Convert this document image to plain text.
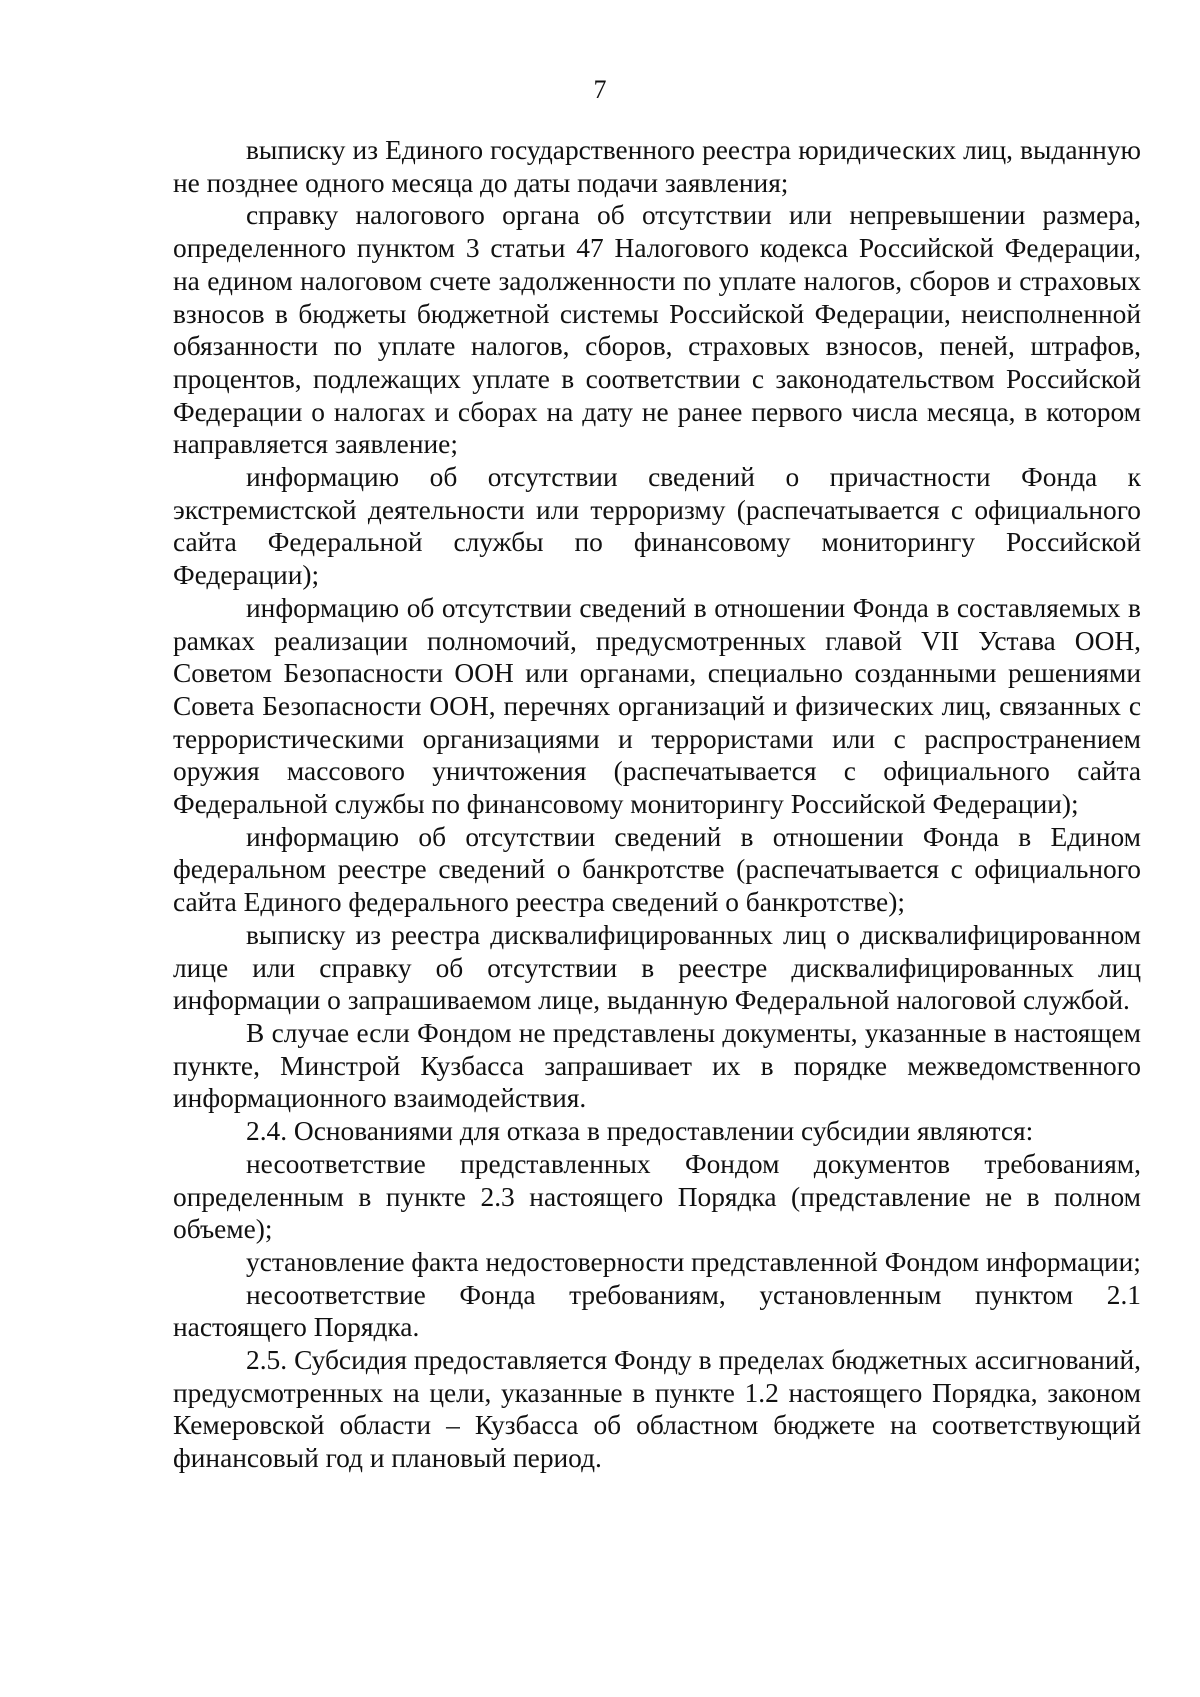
7

выписку из Единого государственного реестра юридических лиц, выданную не позднее одного месяца до даты подачи заявления;

справку налогового органа об отсутствии или непревышении размера, определенного пунктом 3 статьи 47 Налогового кодекса Российской Федерации, на едином налоговом счете задолженности по уплате налогов, сборов и страховых взносов в бюджеты бюджетной системы Российской Федерации, неисполненной обязанности по уплате налогов, сборов, страховых взносов, пеней, штрафов, процентов, подлежащих уплате в соответствии с законодательством Российской Федерации о налогах и сборах на дату не ранее первого числа месяца, в котором направляется заявление;

информацию об отсутствии сведений о причастности Фонда к экстремистской деятельности или терроризму (распечатывается с официального сайта Федеральной службы по финансовому мониторингу Российской Федерации);

информацию об отсутствии сведений в отношении Фонда в составляемых в рамках реализации полномочий, предусмотренных главой VII Устава ООН, Советом Безопасности ООН или органами, специально созданными решениями Совета Безопасности ООН, перечнях организаций и физических лиц, связанных с террористическими организациями и террористами или с распространением оружия массового уничтожения (распечатывается с официального сайта Федеральной службы по финансовому мониторингу Российской Федерации);

информацию об отсутствии сведений в отношении Фонда в Едином федеральном реестре сведений о банкротстве (распечатывается с официального сайта Единого федерального реестра сведений о банкротстве);

выписку из реестра дисквалифицированных лиц о дисквалифицированном лице или справку об отсутствии в реестре дисквалифицированных лиц информации о запрашиваемом лице, выданную Федеральной налоговой службой.

В случае если Фондом не представлены документы, указанные в настоящем пункте, Минстрой Кузбасса запрашивает их в порядке межведомственного информационного взаимодействия.

2.4. Основаниями для отказа в предоставлении субсидии являются:

несоответствие представленных Фондом документов требованиям, определенным в пункте 2.3 настоящего Порядка (представление не в полном объеме);

установление факта недостоверности представленной Фондом информации;

несоответствие Фонда требованиям, установленным пунктом 2.1 настоящего Порядка.

2.5. Субсидия предоставляется Фонду в пределах бюджетных ассигнований, предусмотренных на цели, указанные в пункте 1.2 настоящего Порядка, законом Кемеровской области – Кузбасса об областном бюджете на соответствующий финансовый год и плановый период.
